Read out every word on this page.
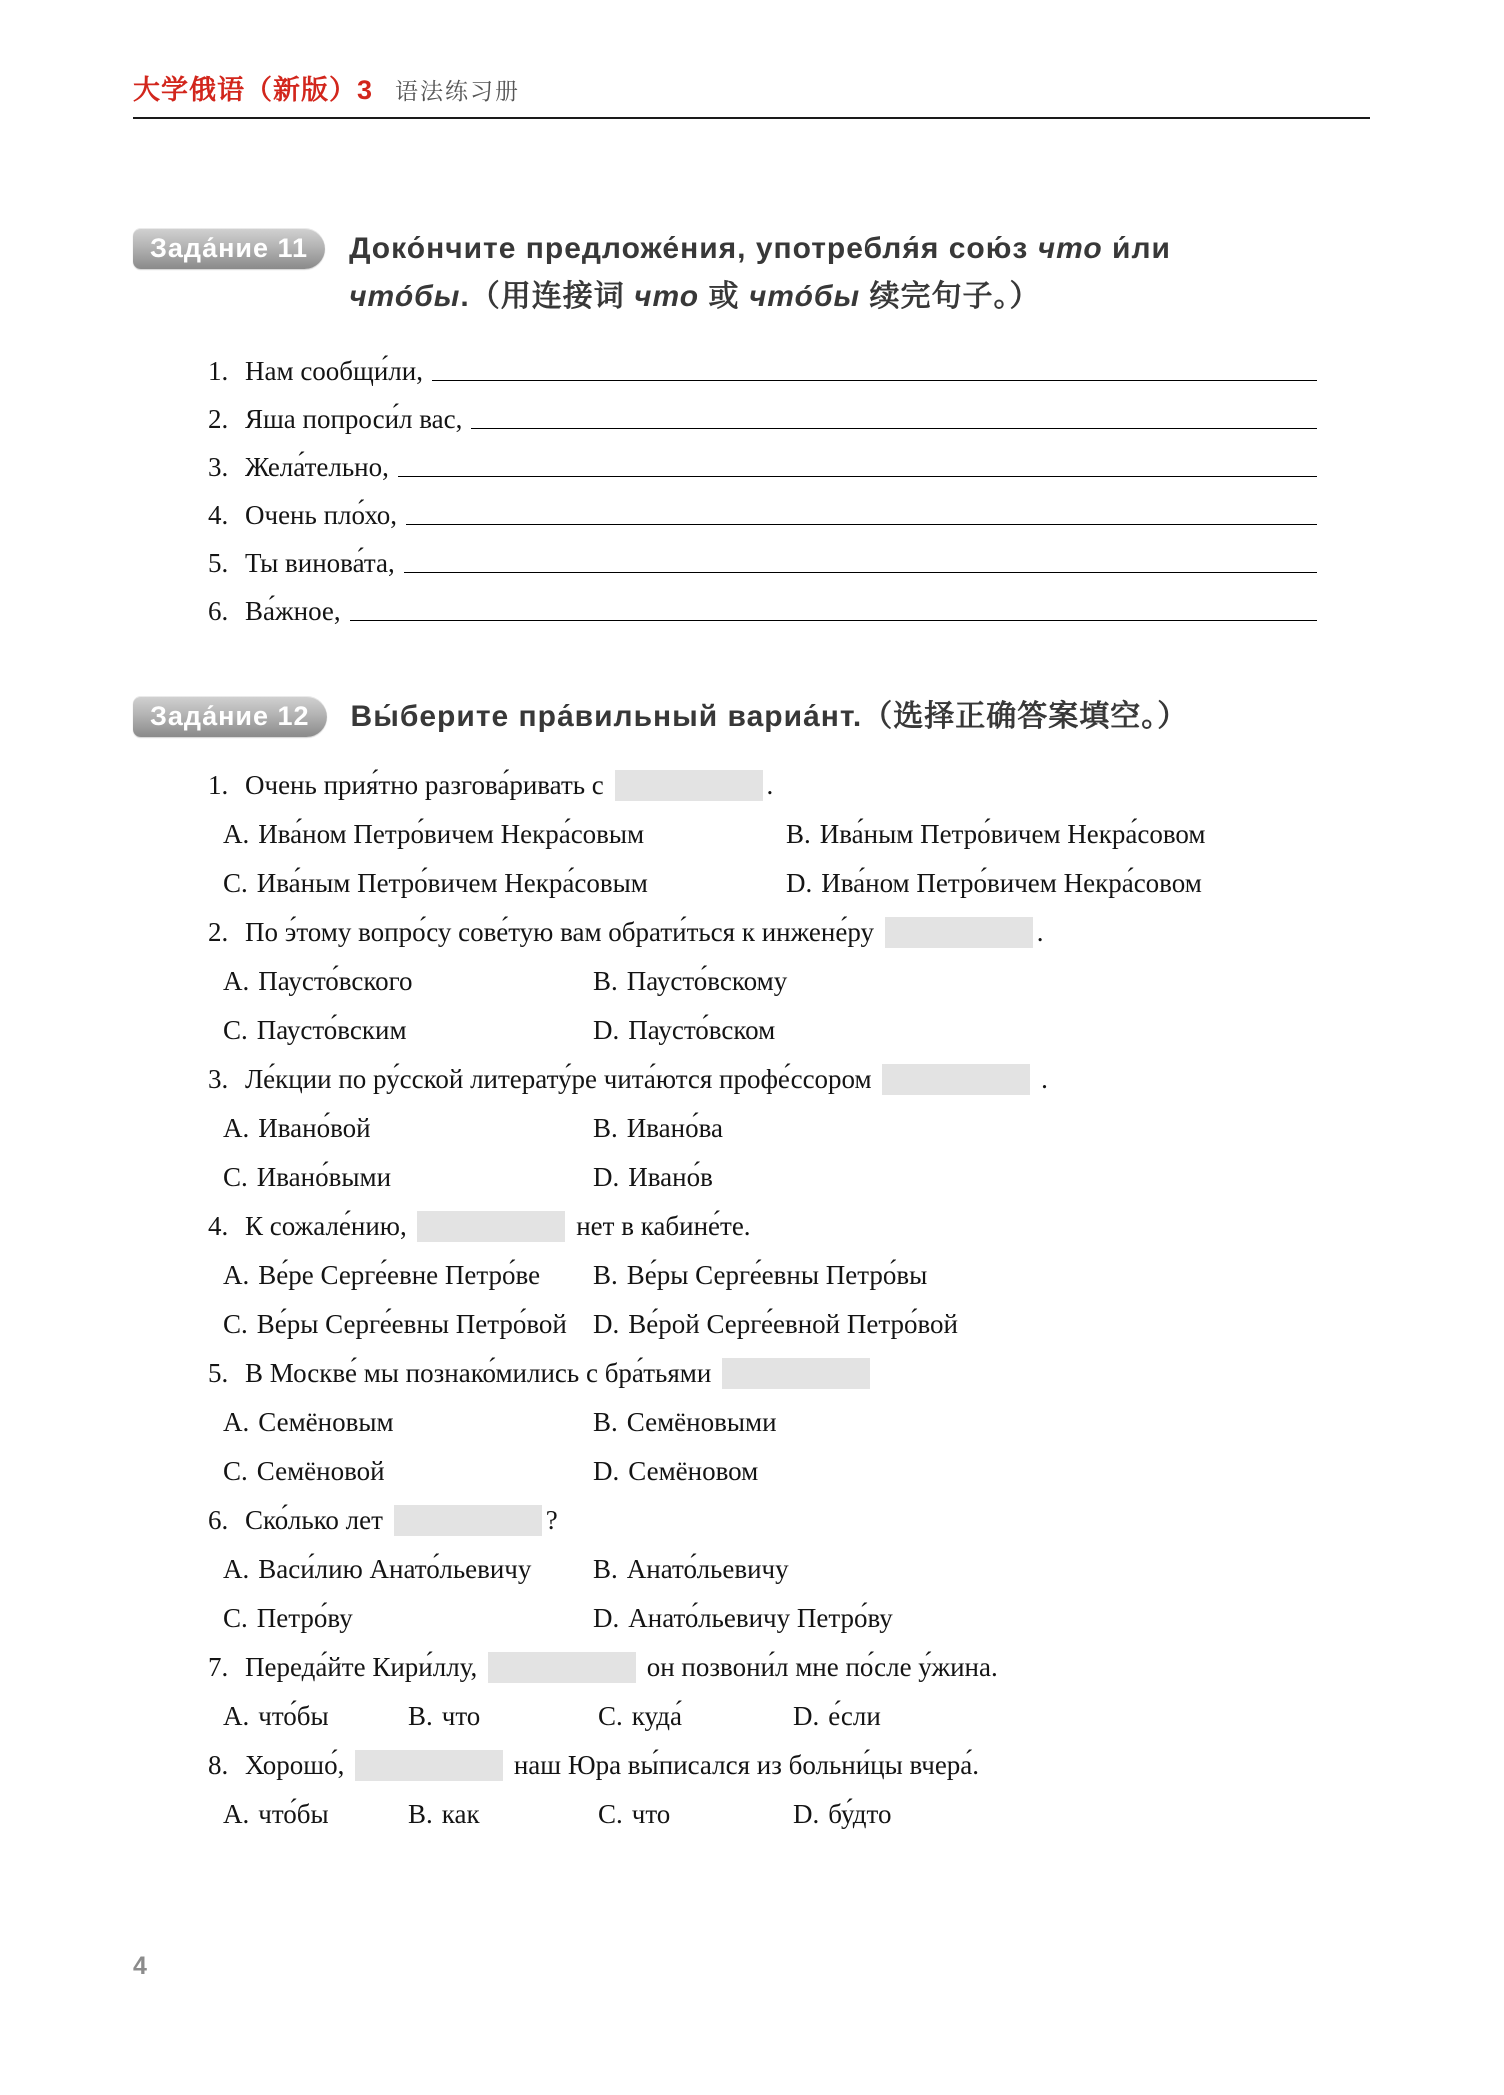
大学俄语（新版）3 语法练习册
Зада́ние 11	Доко́нчите предложе́ния, употребля́я сою́з что и́ли
что́бы.（用连接词 что 或 что́бы 续完句子。）
1. Нам сообщи́ли,
2. Яша попроси́л вас,
3. Жела́тельно,
4. Очень пло́хо,
5. Ты винова́та,
6. Ва́жное,
Зада́ние 12	Вы́берите пра́вильный вариа́нт.（选择正确答案填空。）
1. Очень прия́тно разгова́ривать с	.
A. Ива́ном Петро́вичем Некра́совым	B. Ива́ным Петро́вичем Некра́совом
C. Ива́ным Петро́вичем Некра́совым	D. Ива́ном Петро́вичем Некра́совом
2. По э́тому вопро́су сове́тую вам обрати́ться к инжене́ру	.
A. Паусто́вского	B. Паусто́вскому
C. Паусто́вским	D. Паусто́вском
3. Ле́кции по ру́сской литерату́ре чита́ются профе́ссором	.
A. Ивано́вой	B. Ивано́ва
C. Ивано́выми	D. Ивано́в
4. К сожале́нию,	нет в кабине́те.
A. Ве́ре Серге́евне Петро́ве	B. Ве́ры Серге́евны Петро́вы
C. Ве́ры Серге́евны Петро́вой D. Ве́рой Серге́евной Петро́вой
5. В Москве́ мы познако́мились с бра́тьями
A. Семёновым	B. Семёновыми
C. Семёновой	D. Семёновом
6. Ско́лько лет	?
A. Васи́лию Анато́льевичу	B. Анато́льевичу
C. Петро́ву	D. Анато́льевичу Петро́ву
7. Переда́йте Кири́ллу,	он позвони́л мне по́сле у́жина.
A. что́бы	B. что	C. куда́	D. е́сли
8. Хорошо́,	наш Юра вы́писался из больни́цы вчера́.
A. что́бы	B. как	C. что	D. бу́дто
4
